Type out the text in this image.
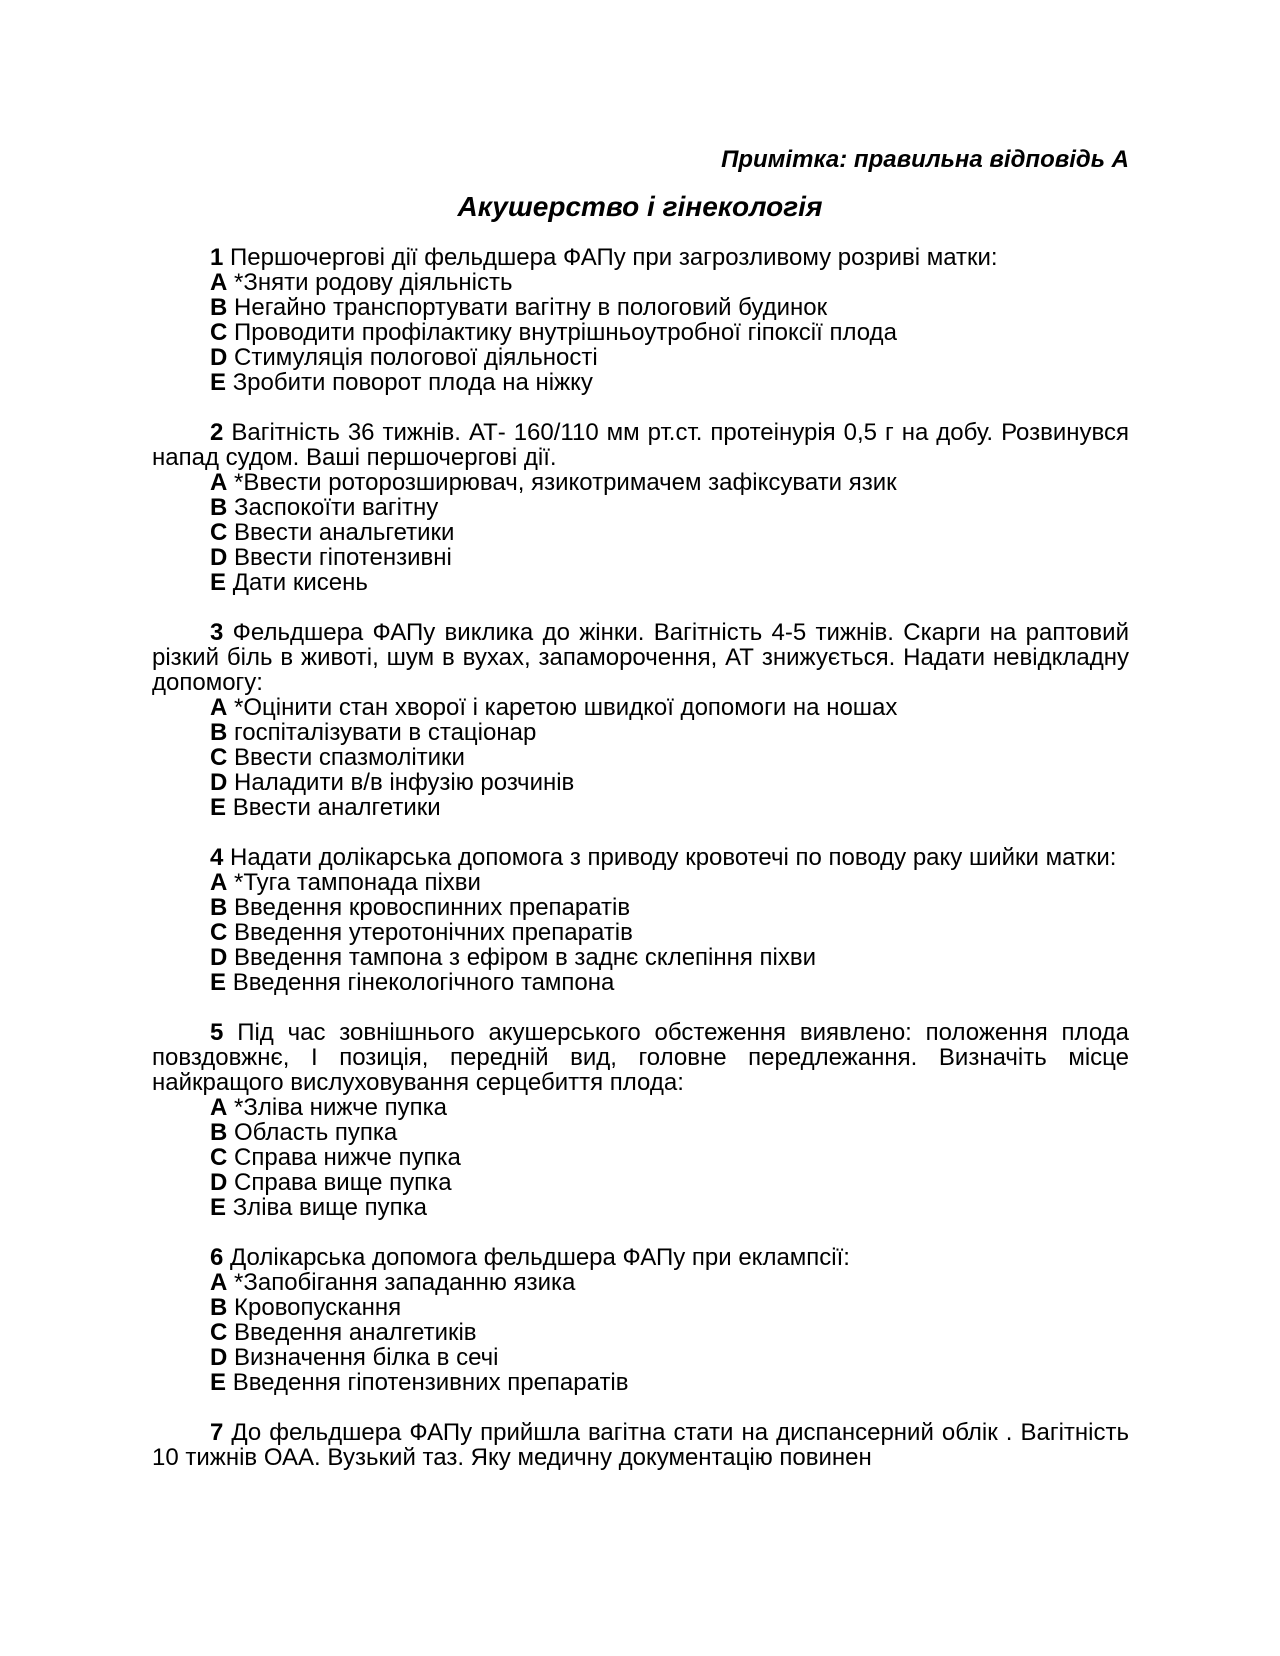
Примітка: правильна відповідь А
Акушерство і гінекологія

1 Першочергові дії фельдшера ФАПу при загрозливому розриві матки:

A *Зняти родову діяльність
B Негайно транспортувати вагітну в пологовий будинок
C Проводити профілактику внутрішньоутробної гіпоксії плода
D Стимуляція пологової діяльності
E Зробити поворот плода на ніжку

2 Вагітність 36 тижнів. АТ- 160/110 мм рт.ст. протеінурія 0,5 г на добу. Розвинувся напад судом. Ваші першочергові дії.

A *Ввести роторозширювач, язикотримачем зафіксувати язик
B Заспокоїти вагітну
C Ввести анальгетики
D Ввести гіпотензивні
E Дати кисень

3 Фельдшера ФАПу виклика до жінки. Вагітність 4-5 тижнів. Скарги на раптовий різкий біль в животі, шум в вухах, запаморочення, АТ знижується. Надати невідкладну допомогу:

A *Оцінити стан хворої і каретою швидкої допомоги на ношах
B госпіталізувати в стаціонар
C Ввести спазмолітики
D Наладити в/в інфузію розчинів
E Ввести аналгетики

4 Надати долікарська допомога з приводу кровотечі по поводу раку шийки матки:

A *Туга тампонада піхви
B Введення кровоспинних препаратів
C Введення утеротонічних препаратів
D Введення тампона з ефіром в заднє склепіння піхви
E Введення гінекологічного тампона

5 Під час зовнішнього акушерського обстеження виявлено: положення плода повздовжнє, І позиція, передній вид, головне передлежання. Визначіть місце найкращого вислуховування серцебиття плода:

A *Зліва нижче пупка
B Область пупка
C Справа нижче пупка
D Справа вище пупка
E Зліва вище пупка

6 Долікарська допомога фельдшера ФАПу при еклампсії:

A *Запобігання западанню язика
B Кровопускання
C Введення аналгетиків
D Визначення білка в сечі
E Введення гіпотензивних препаратів

7 До фельдшера ФАПу прийшла вагітна стати на диспансерний облік . Вагітність 10 тижнів ОАА. Вузький таз. Яку медичну документацію повинен
